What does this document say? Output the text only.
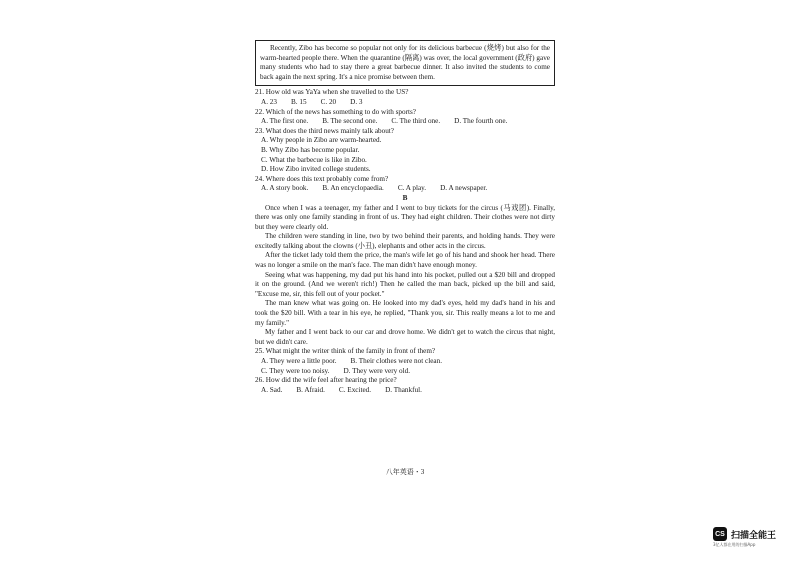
Recently, Zibo has become so popular not only for its delicious barbecue (烧烤) but also for the warm-hearted people there. When the quarantine (隔离) was over, the local government (政府) gave many students who had to stay there a great barbecue dinner. It also invited the students to come back again the next spring. It's a nice promise between them.

21. How old was YaYa when she travelled to the US?

A. 23 B. 15 C. 20 D. 3

22. Which of the news has something to do with sports?

A. The first one. B. The second one. C. The third one. D. The fourth one.

23. What does the third news mainly talk about?

A. Why people in Zibo are warm-hearted.
B. Why Zibo has become popular.
C. What the barbecue is like in Zibo.
D. How Zibo invited college students.

24. Where does this text probably come from?

A. A story book. B. An encyclopaedia. C. A play. D. A newspaper.

B

Once when I was a teenager, my father and I went to buy tickets for the circus (马戏团). Finally, there was only one family standing in front of us. They had eight children. Their clothes were not dirty but they were clearly old.

The children were standing in line, two by two behind their parents, and holding hands. They were excitedly talking about the clowns (小丑), elephants and other acts in the circus.

After the ticket lady told them the price, the man's wife let go of his hand and shook her head. There was no longer a smile on the man's face. The man didn't have enough money.

Seeing what was happening, my dad put his hand into his pocket, pulled out a $20 bill and dropped it on the ground. (And we weren't rich!) Then he called the man back, picked up the bill and said, "Excuse me, sir, this fell out of your pocket."

The man knew what was going on. He looked into my dad's eyes, held my dad's hand in his and took the $20 bill. With a tear in his eye, he replied, "Thank you, sir. This really means a lot to me and my family."

My father and I went back to our car and drove home. We didn't get to watch the circus that night, but we didn't care.

25. What might the writer think of the family in front of them?

A. They were a little poor. B. Their clothes were not clean.
C. They were too noisy. D. They were very old.

26. How did the wife feel after hearing the price?

A. Sad. B. Afraid. C. Excited. D. Thankful.
八年英语・3
CS 扫描全能王
3亿人都在用的扫描App
